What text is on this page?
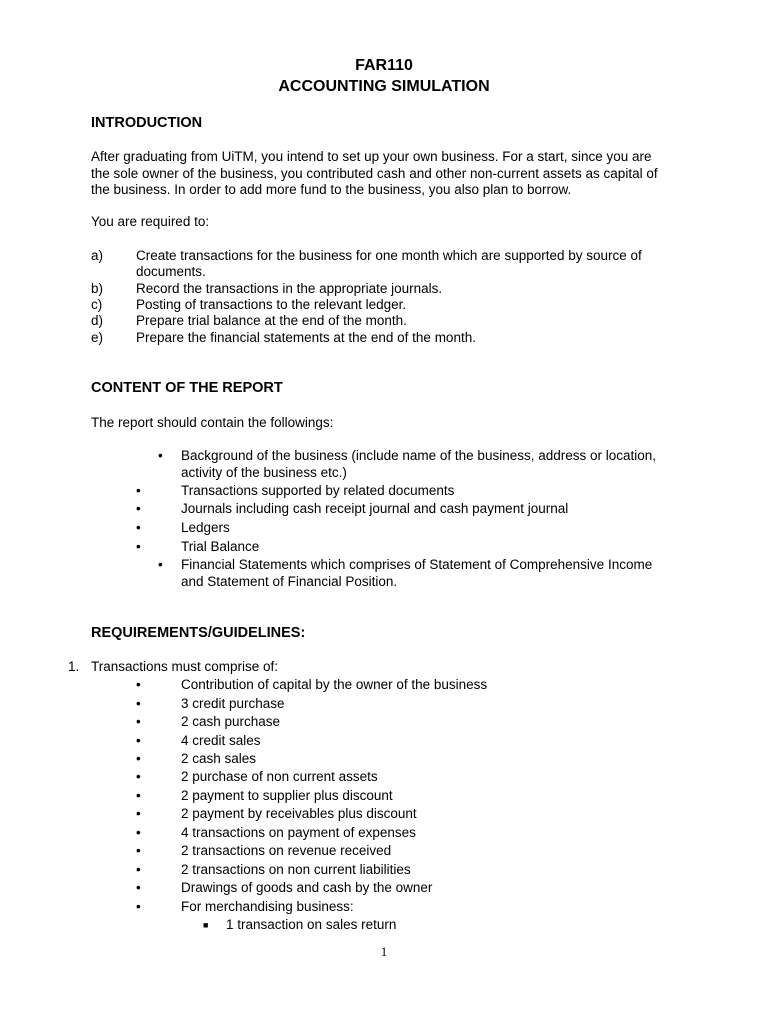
FAR110
ACCOUNTING SIMULATION
INTRODUCTION
After graduating from UiTM, you intend to set up your own business. For a start, since you are
the sole owner of the business, you contributed cash and other non-current assets as capital of
the business. In order to add more fund to the business, you also plan to borrow.
You are required to:
a)	Create transactions for the business for one month which are supported by source of
documents.
b)	Record the transactions in the appropriate journals.
c)	Posting of transactions to the relevant ledger.
d)	Prepare trial balance at the end of the month.
e)	Prepare the financial statements at the end of the month.
CONTENT OF THE REPORT
The report should contain the followings:
• Background of the business (include name of the business, address or location,
activity of the business etc.)
•	Transactions supported by related documents
•	Journals including cash receipt journal and cash payment journal
•	Ledgers
•	Trial Balance
• Financial Statements which comprises of Statement of Comprehensive Income
and Statement of Financial Position.
REQUIREMENTS/GUIDELINES:
1. Transactions must comprise of:
•	Contribution of capital by the owner of the business
•	3 credit purchase
•	2 cash purchase
•	4 credit sales
•	2 cash sales
•	2 purchase of non current assets
•	2 payment to supplier plus discount
•	2 payment by receivables plus discount
•	4 transactions on payment of expenses
•	2 transactions on revenue received
•	2 transactions on non current liabilities
•	Drawings of goods and cash by the owner
•	For merchandising business:
■ 1 transaction on sales return
1
